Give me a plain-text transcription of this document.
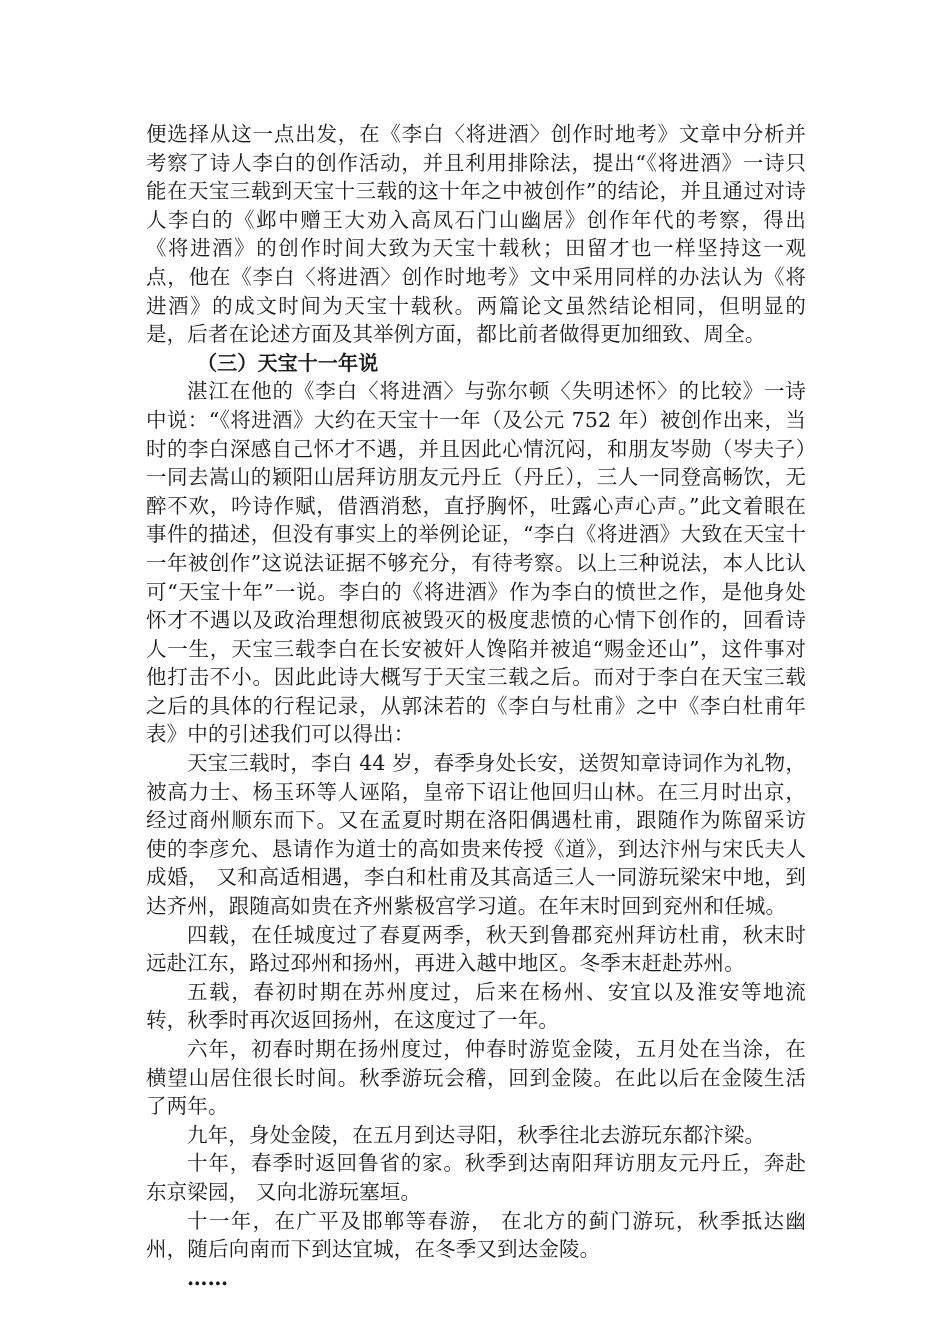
便选择从这一点出发，在《李白〈将进酒〉创作时地考》文章中分析并考察了诗人李白的创作活动，并且利用排除法，提出“《将进酒》一诗只能在天宝三载到天宝十三载的这十年之中被创作”的结论，并且通过对诗人李白的《邺中赠王大劝入高凤石门山幽居》创作年代的考察，得出《将进酒》的创作时间大致为天宝十载秋；田留才也一样坚持这一观点，他在《李白〈将进酒〉创作时地考》文中采用同样的办法认为《将进酒》的成文时间为天宝十载秋。两篇论文虽然结论相同，但明显的是，后者在论述方面及其举例方面，都比前者做得更加细致、周全。

（三）天宝十一年说

湛江在他的《李白〈将进酒〉与弥尔顿〈失明述怀〉的比较》一诗中说：“《将进酒》大约在天宝十一年（及公元 752 年）被创作出来，当时的李白深感自己怀才不遇，并且因此心情沉闷，和朋友岑勋（岑夫子）一同去嵩山的颖阳山居拜访朋友元丹丘（丹丘），三人一同登高畅饮，无醉不欢，吟诗作赋，借酒消愁，直抒胸怀，吐露心声心声。”此文着眼在事件的描述，但没有事实上的举例论证，“李白《将进酒》大致在天宝十一年被创作”这说法证据不够充分，有待考察。以上三种说法，本人比认可“天宝十年”一说。李白的《将进酒》作为李白的愤世之作，是他身处怀才不遇以及政治理想彻底被毁灭的极度悲愤的心情下创作的，回看诗人一生，天宝三载李白在长安被奸人馋陷并被追“赐金还山”，这件事对他打击不小。因此此诗大概写于天宝三载之后。而对于李白在天宝三载之后的具体的行程记录，从郭沫若的《李白与杜甫》之中《李白杜甫年表》中的引述我们可以得出：

天宝三载时，李白 44 岁，春季身处长安，送贺知章诗词作为礼物，被高力士、杨玉环等人诬陷，皇帝下诏让他回归山林。在三月时出京，经过商州顺东而下。又在孟夏时期在洛阳偶遇杜甫，跟随作为陈留采访使的李彦允、恳请作为道士的高如贵来传授《道》，到达汴州与宋氏夫人成婚， 又和高适相遇，李白和杜甫及其高适三人一同游玩梁宋中地，到达齐州，跟随高如贵在齐州紫极宫学习道。在年末时回到兖州和任城。

四载，在任城度过了春夏两季，秋天到鲁郡兖州拜访杜甫，秋末时远赴江东，路过邳州和扬州，再进入越中地区。冬季末赶赴苏州。

五载，春初时期在苏州度过，后来在杨州、安宜以及淮安等地流转，秋季时再次返回扬州，在这度过了一年。

六年，初春时期在扬州度过，仲春时游览金陵，五月处在当涂，在横望山居住很长时间。秋季游玩会稽，回到金陵。在此以后在金陵生活了两年。

九年，身处金陵，在五月到达寻阳，秋季往北去游玩东都汴梁。

十年，春季时返回鲁省的家。秋季到达南阳拜访朋友元丹丘，奔赴东京梁园， 又向北游玩塞垣。

十一年，在广平及邯郸等春游， 在北方的蓟门游玩，秋季抵达幽州，随后向南而下到达宜城，在冬季又到达金陵。

……
